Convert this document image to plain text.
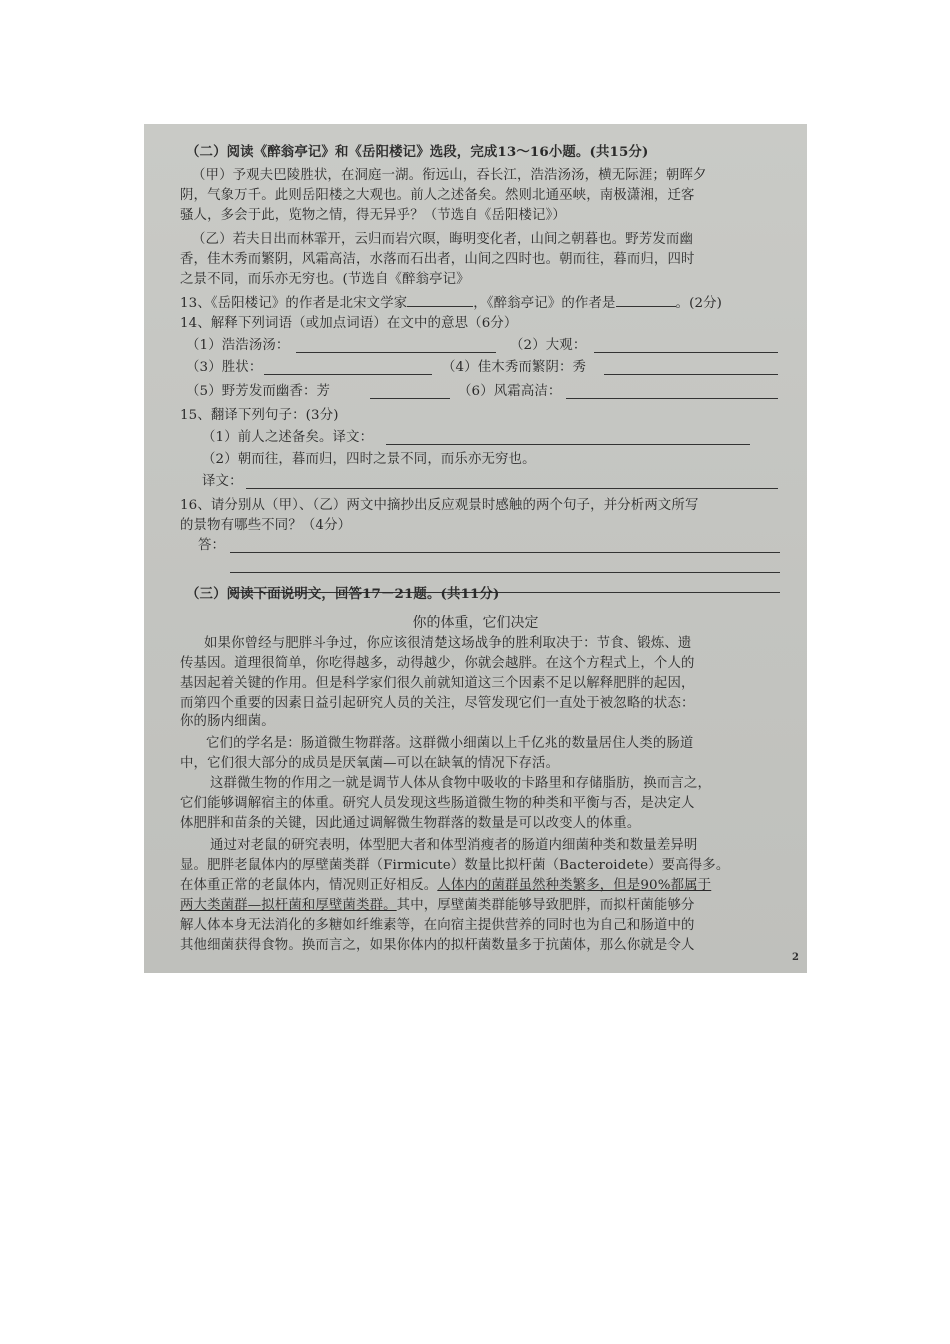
（二）阅读《醉翁亭记》和《岳阳楼记》选段，完成13～16小题。(共15分)
（甲）予观夫巴陵胜状，在洞庭一湖。衔远山，吞长江，浩浩汤汤，横无际涯；朝晖夕
阴，气象万千。此则岳阳楼之大观也。前人之述备矣。然则北通巫峡，南极潇湘，迁客
骚人，多会于此，览物之情，得无异乎？（节选自《岳阳楼记》）
（乙）若夫日出而林霏开，云归而岩穴暝，晦明变化者，山间之朝暮也。野芳发而幽
香，佳木秀而繁阴，风霜高洁，水落而石出者，山间之四时也。朝而往，暮而归，四时
之景不同，而乐亦无穷也。(节选自《醉翁亭记》
13、《岳阳楼记》的作者是北宋文学家	，《醉翁亭记》的作者是	。(2分)
14、解释下列词语（或加点词语）在文中的意思（6分）
（1）浩浩汤汤：	（2）大观：
（3）胜状：	（4）佳木秀而繁阴：秀
（5）野芳发而幽香：芳	（6）风霜高洁：
15、翻译下列句子：(3分)
（1）前人之述备矣。译文：
（2）朝而往，暮而归，四时之景不同，而乐亦无穷也。
译文：
16、请分别从（甲）、（乙）两文中摘抄出反应观景时感触的两个句子，并分析两文所写
的景物有哪些不同？（4分）
答：
（三）阅读下面说明文，回答17－21题。(共11分)
你的体重，它们决定
如果你曾经与肥胖斗争过，你应该很清楚这场战争的胜利取决于：节食、锻炼、遗
传基因。道理很简单，你吃得越多，动得越少，你就会越胖。在这个方程式上，个人的
基因起着关键的作用。但是科学家们很久前就知道这三个因素不足以解释肥胖的起因，
而第四个重要的因素日益引起研究人员的关注，尽管发现它们一直处于被忽略的状态：
你的肠内细菌。
它们的学名是：肠道微生物群落。这群微小细菌以上千亿兆的数量居住人类的肠道
中，它们很大部分的成员是厌氧菌—可以在缺氧的情况下存活。
这群微生物的作用之一就是调节人体从食物中吸收的卡路里和存储脂肪，换而言之，
它们能够调解宿主的体重。研究人员发现这些肠道微生物的种类和平衡与否，是决定人
体肥胖和苗条的关键，因此通过调解微生物群落的数量是可以改变人的体重。
通过对老鼠的研究表明，体型肥大者和体型消瘦者的肠道内细菌种类和数量差异明
显。肥胖老鼠体内的厚壁菌类群（Firmicute）数量比拟杆菌（Bacteroidete）要高得多。
在体重正常的老鼠体内，情况则正好相反。人体内的菌群虽然种类繁多，但是90%都属于
两大类菌群—拟杆菌和厚壁菌类群。其中，厚壁菌类群能够导致肥胖，而拟杆菌能够分
解人体本身无法消化的多糖如纤维素等，在向宿主提供营养的同时也为自己和肠道中的
其他细菌获得食物。换而言之，如果你体内的拟杆菌数量多于抗菌体，那么你就是令人
2
